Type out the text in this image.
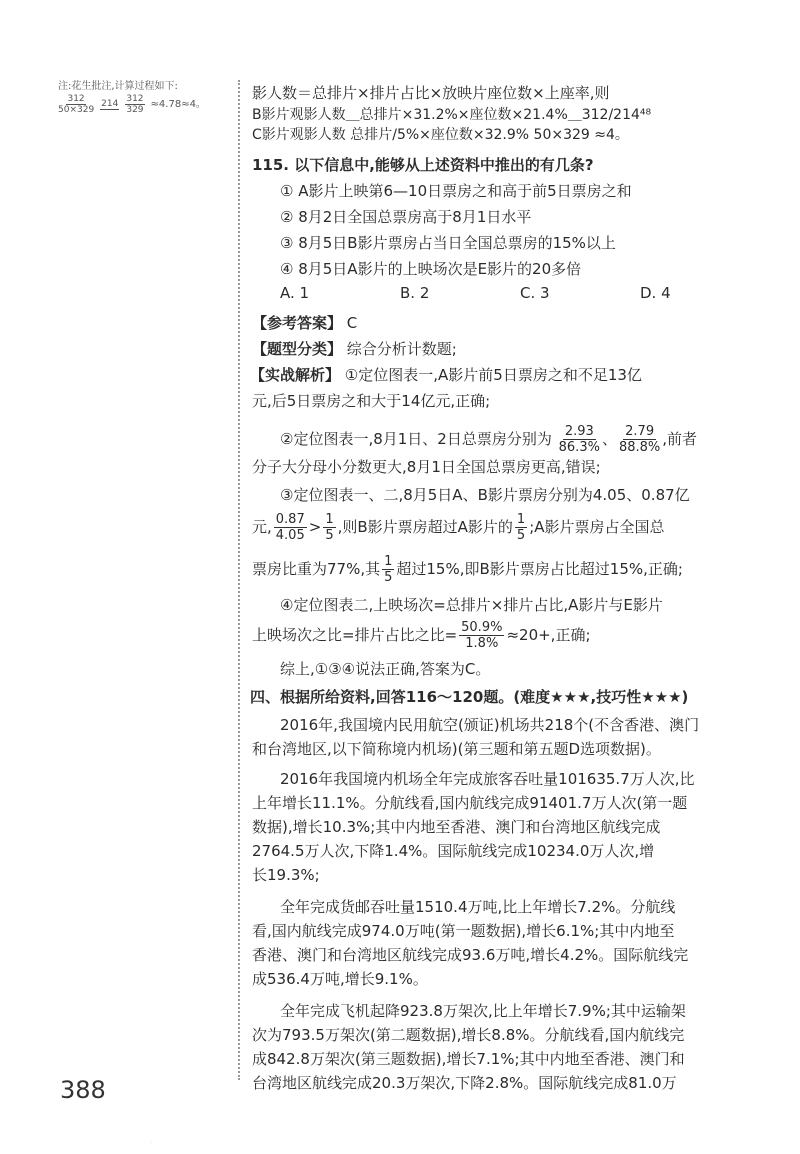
注:花生批注,计算过程如下:
312
50×329
$214 \frac{312}{329} \approx 4.78\approx 4$。
影人数＝总排片×排片占比×放映片座位数×上座率,则
B影片观影人数＿总排片×31.2%×座位数×21.4%＿312/214⁴⁸
C影片观影人数 总排片/5%×座位数×32.9% 50×329 ≈4。
115. 以下信息中,能够从上述资料中推出的有几条?
① A影片上映第6—10日票房之和高于前5日票房之和
② 8月2日全国总票房高于8月1日水平
③ 8月5日B影片票房占当日全国总票房的15%以上
④ 8月5日A影片的上映场次是E影片的20多倍
A. 1	B. 2	C. 3	D. 4
【参考答案】 C
【题型分类】 综合分析计数题;
【实战解析】 ①定位图表一,A影片前5日票房之和不足13亿
元,后5日票房之和大于14亿元,正确;
②定位图表一,8月1日、2日总票房分别为 $\frac{2.93}{86.3\%}$ 、 $\frac{2.79}{88.8\%}$ ,前者
分子大分母小分数更大,8月1日全国总票房更高,错误;
③定位图表一、二,8月5日A、B影片票房分别为4.05、0.87亿
元, $\frac{0.87}{4.05} > \frac{1}{5}$ ,则B影片票房超过A影片的 $\frac{1}{5}$ ;A影片票房占全国总
票房比重为77%,其 $\frac{1}{5}$ 超过15%,即B影片票房占比超过15%,正确;
④定位图表二,上映场次=总排片×排片占比,A影片与E影片
上映场次之比=排片占比之比= $\frac{50.9\%}{1.8\%} \approx 20+$,正确;
综上,①③④说法正确,答案为C。
四、根据所给资料,回答116～120题。(难度★★★,技巧性★★★)
2016年,我国境内民用航空(颁证)机场共218个(不含香港、澳门
和台湾地区,以下简称境内机场)(第三题和第五题D选项数据)。
2016年我国境内机场全年完成旅客吞吐量101635.7万人次,比
上年增长11.1%。分航线看,国内航线完成91401.7万人次(第一题
数据),增长10.3%;其中内地至香港、澳门和台湾地区航线完成
2764.5万人次,下降1.4%。国际航线完成10234.0万人次,增
长19.3%;
全年完成货邮吞吐量1510.4万吨,比上年增长7.2%。分航线
看,国内航线完成974.0万吨(第一题数据),增长6.1%;其中内地至
香港、澳门和台湾地区航线完成93.6万吨,增长4.2%。国际航线完
成536.4万吨,增长9.1%。
全年完成飞机起降923.8万架次,比上年增长7.9%;其中运输架
次为793.5万架次(第二题数据),增长8.8%。分航线看,国内航线完
成842.8万架次(第三题数据),增长7.1%;其中内地至香港、澳门和
台湾地区航线完成20.3万架次,下降2.8%。国际航线完成81.0万
388
·
